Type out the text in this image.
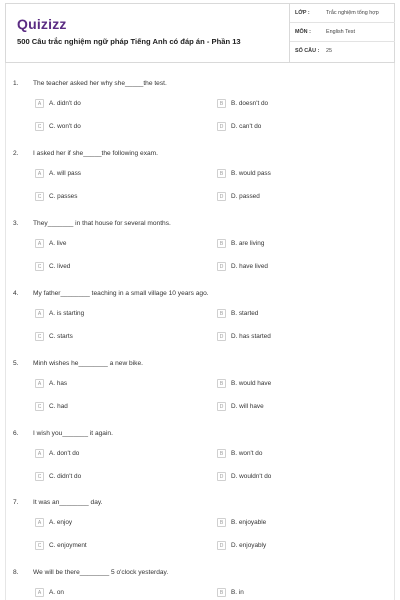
Quizizz
500 Câu trắc nghiệm ngữ pháp Tiếng Anh có đáp án - Phần 13
LỚP :	Trắc nghiệm tổng hợp
MÔN :	English Test
SỐ CÂU : 25
1. The teacher asked her why she_____the test.
A	A. didn't do	B	B. doesn't do
C	C. won't do	D	D. can't do
2. I asked her if she_____the following exam.
A	A. will pass	B	B. would pass
C	C. passes	D	D. passed
3. They_______ in that house for several months.
A	A. live	B	B. are living
C	C. lived	D	D. have lived
4. My father________ teaching in a small village 10 years ago.
A	A. is starting	B	B. started
C	C. starts	D	D. has started
5. Minh wishes he________ a new bike.
A	A. has	B	B. would have
C	C. had	D	D. will have
6. I wish you_______ it again.
A	A. don't do	B	B. won't do
C	C. didn't do	D	D. wouldn't do
7. It was an________ day.
A	A. enjoy	B	B. enjoyable
C	C. enjoyment	D	D. enjoyably
8. We will be there________ 5 o'clock yesterday.
A	A. on	B	B. in
